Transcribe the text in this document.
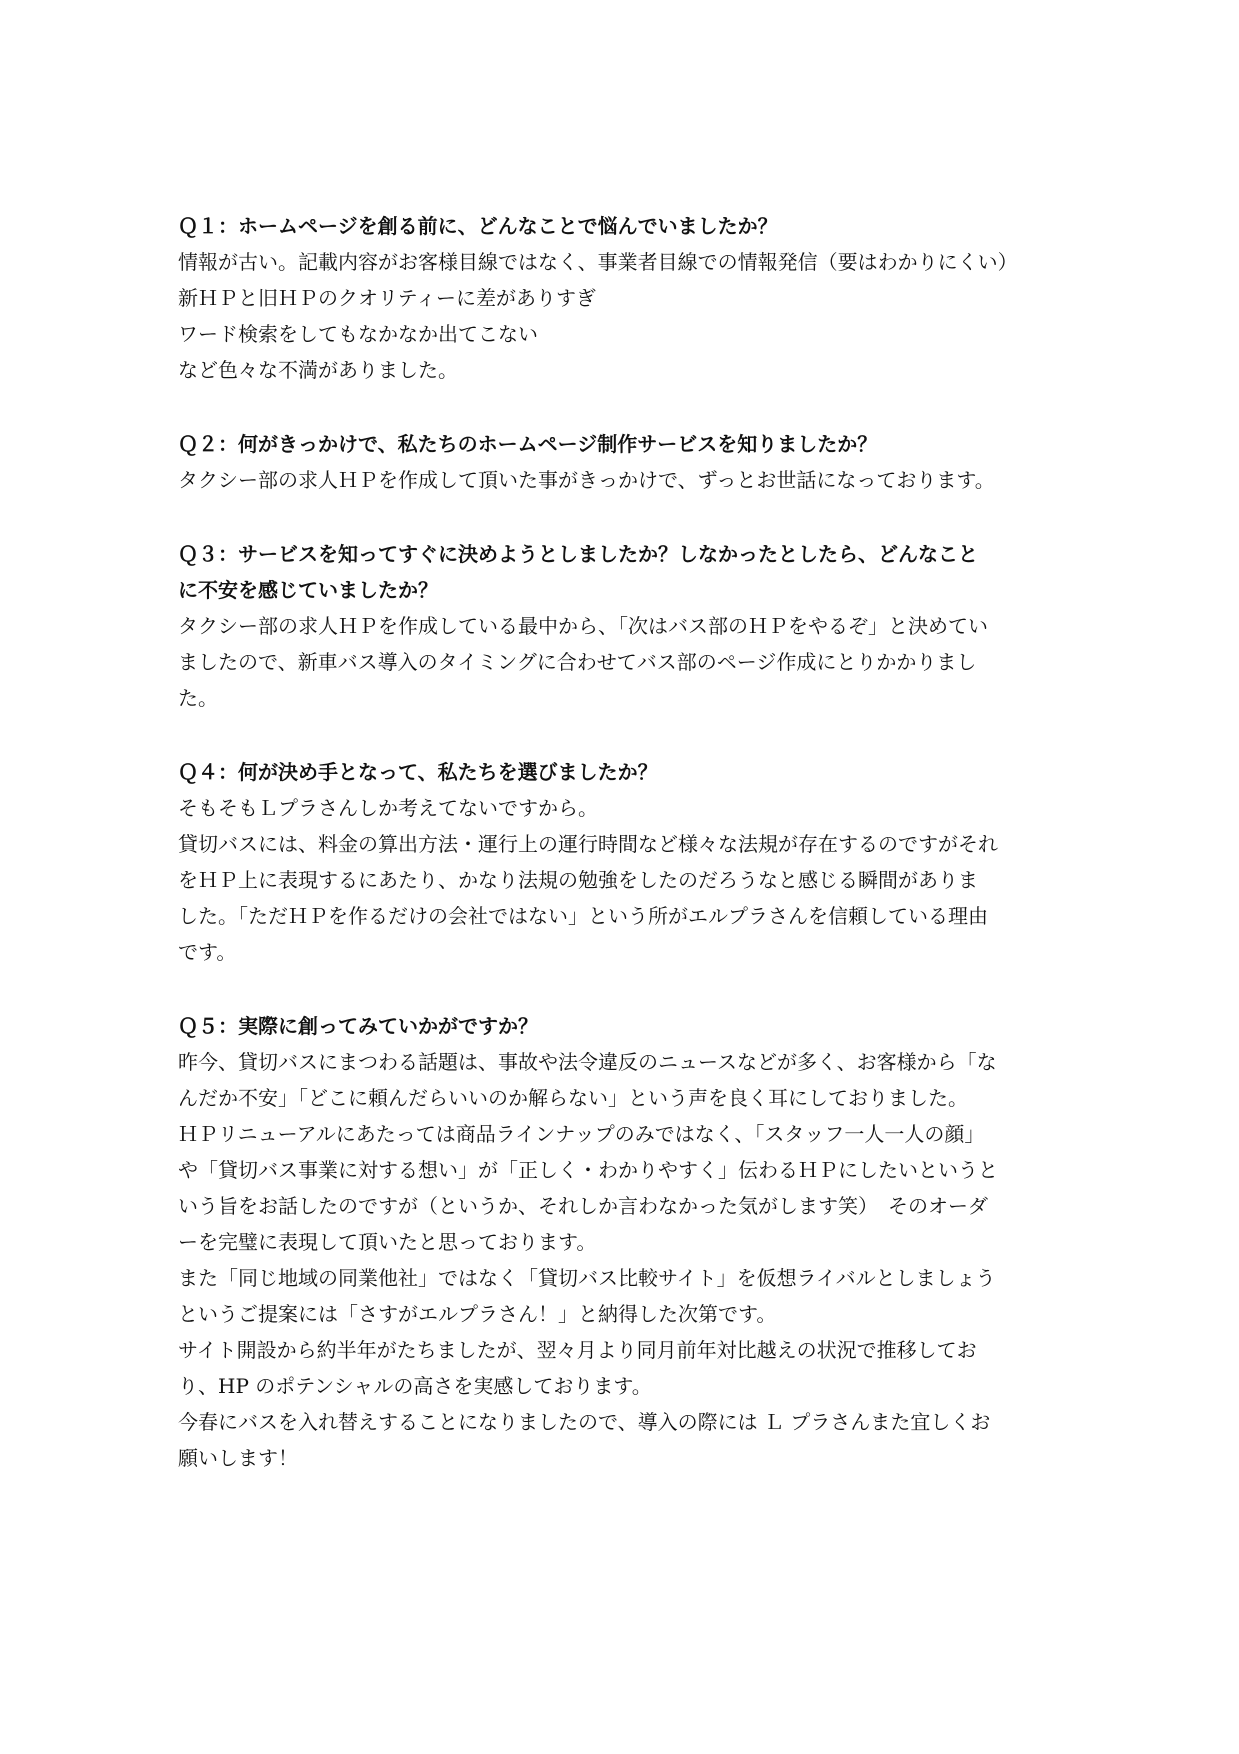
Ｑ１：ホームページを創る前に、どんなことで悩んでいましたか？

情報が古い。記載内容がお客様目線ではなく、事業者目線での情報発信（要はわかりにくい）

新ＨＰと旧ＨＰのクオリティーに差がありすぎ

ワード検索をしてもなかなか出てこない

など色々な不満がありました。

Ｑ２：何がきっかけで、私たちのホームページ制作サービスを知りましたか？

タクシー部の求人ＨＰを作成して頂いた事がきっかけで、ずっとお世話になっております。

Ｑ３：サービスを知ってすぐに決めようとしましたか？しなかったとしたら、どんなこと

に不安を感じていましたか？

タクシー部の求人ＨＰを作成している最中から、「次はバス部のＨＰをやるぞ」と決めてい

ましたので、新車バス導入のタイミングに合わせてバス部のページ作成にとりかかりまし

た。

Ｑ４：何が決め手となって、私たちを選びましたか？

そもそもＬプラさんしか考えてないですから。

貸切バスには、料金の算出方法・運行上の運行時間など様々な法規が存在するのですがそれ

をＨＰ上に表現するにあたり、かなり法規の勉強をしたのだろうなと感じる瞬間がありま

した。「ただＨＰを作るだけの会社ではない」という所がエルプラさんを信頼している理由

です。

Ｑ５：実際に創ってみていかがですか？

昨今、貸切バスにまつわる話題は、事故や法令違反のニュースなどが多く、お客様から「な

んだか不安」「どこに頼んだらいいのか解らない」という声を良く耳にしておりました。

ＨＰリニューアルにあたっては商品ラインナップのみではなく、「スタッフ一人一人の顔」

や「貸切バス事業に対する想い」が「正しく・わかりやすく」伝わるＨＰにしたいというと

いう旨をお話したのですが（というか、それしか言わなかった気がします笑）　そのオーダ

ーを完璧に表現して頂いたと思っております。

また「同じ地域の同業他社」ではなく「貸切バス比較サイト」を仮想ライバルとしましょう

というご提案には「さすがエルプラさん！」と納得した次第です。

サイト開設から約半年がたちましたが、翌々月より同月前年対比越えの状況で推移してお

り、HP のポテンシャルの高さを実感しております。

今春にバスを入れ替えすることになりましたので、導入の際には Ｌ プラさんまた宜しくお

願いします！
